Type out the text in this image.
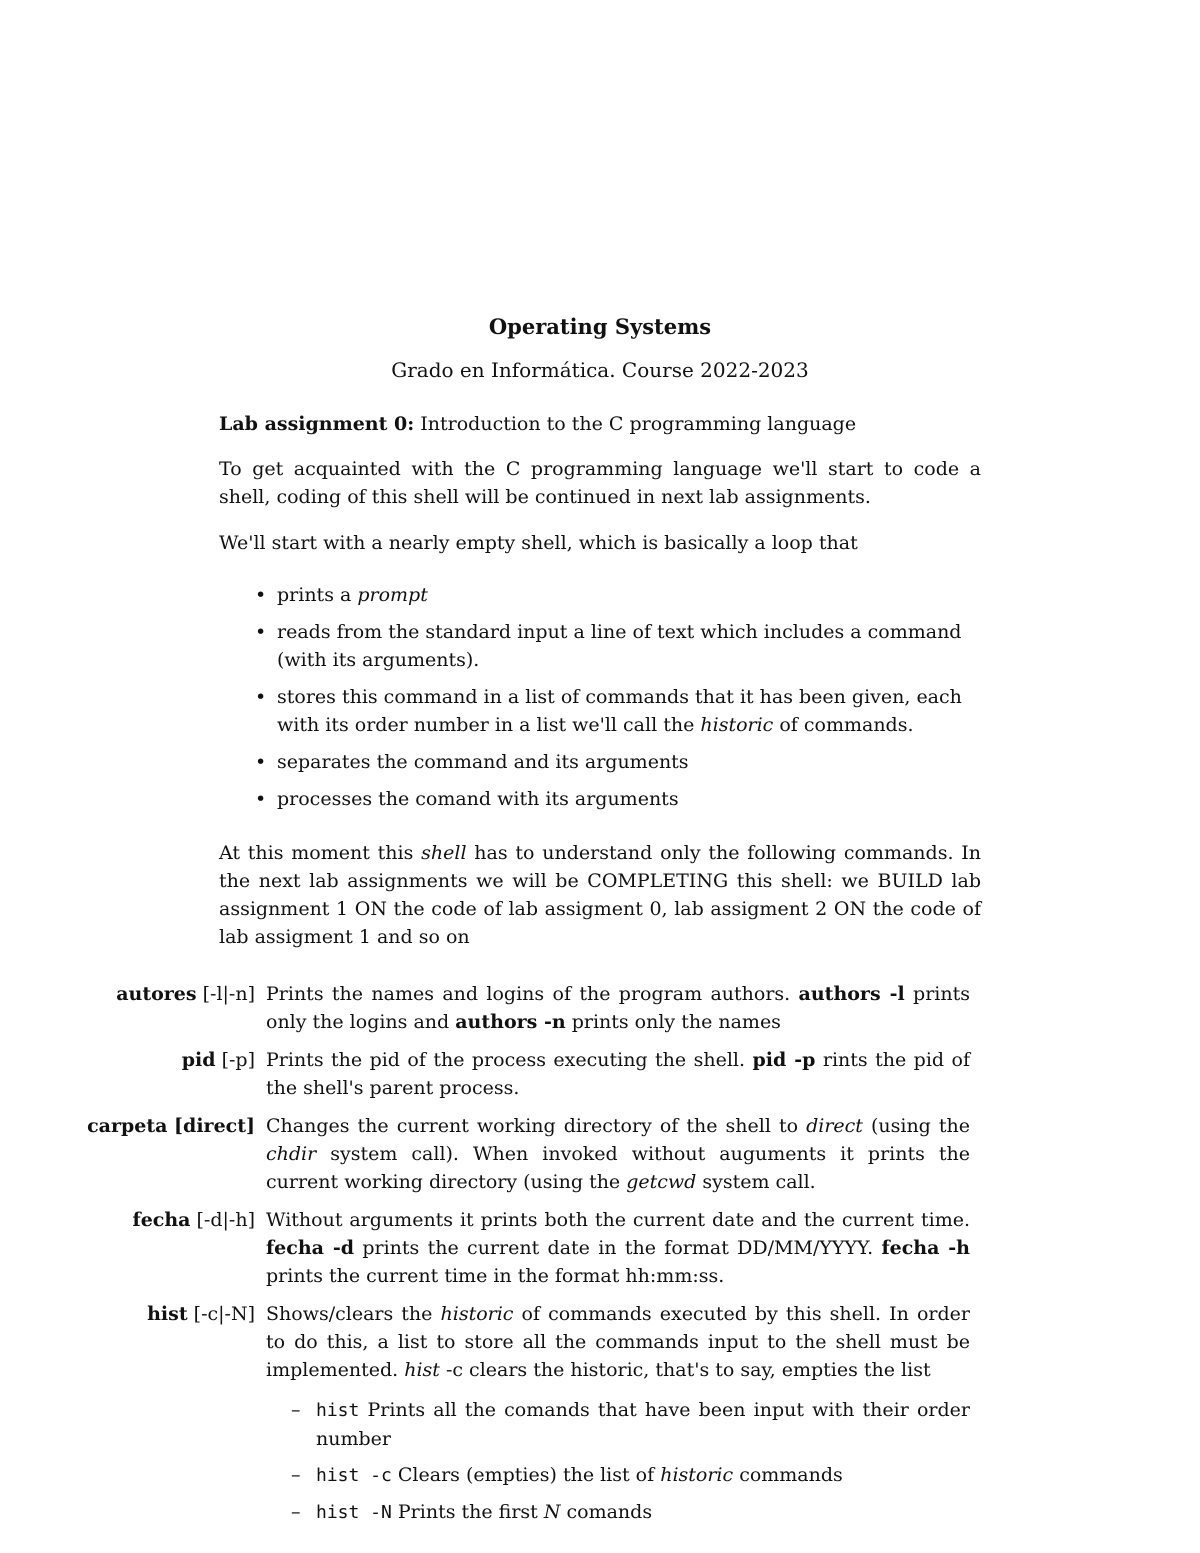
Operating Systems
Grado en Informática. Course 2022-2023

Lab assignment 0: Introduction to the C programming language

To get acquainted with the C programming language we'll start to code a shell, coding of this shell will be continued in next lab assignments.

We'll start with a nearly empty shell, which is basically a loop that

• prints a prompt
• reads from the standard input a line of text which includes a command (with its arguments).
• stores this command in a list of commands that it has been given, each with its order number in a list we'll call the historic of commands.
• separates the command and its arguments
• processes the comand with its arguments

At this moment this shell has to understand only the following commands. In the next lab assignments we will be COMPLETING this shell: we BUILD lab assignment 1 ON the code of lab assigment 0, lab assigment 2 ON the code of lab assigment 1 and so on

autores [-l|-n] Prints the names and logins of the program authors. authors -l prints only the logins and authors -n prints only the names
pid [-p] Prints the pid of the process executing the shell. pid -p rints the pid of the shell's parent process.
carpeta [direct] Changes the current working directory of the shell to direct (using the chdir system call). When invoked without auguments it prints the current working directory (using the getcwd system call.
fecha [-d|-h] Without arguments it prints both the current date and the current time. fecha -d prints the current date in the format DD/MM/YYYY. fecha -h prints the current time in the format hh:mm:ss.
hist [-c|-N] Shows/clears the historic of commands executed by this shell. In order to do this, a list to store all the commands input to the shell must be implemented. hist -c clears the historic, that's to say, empties the list
– hist Prints all the comands that have been input with their order number
– hist -c Clears (empties) the list of historic commands
– hist -N Prints the first N comands
